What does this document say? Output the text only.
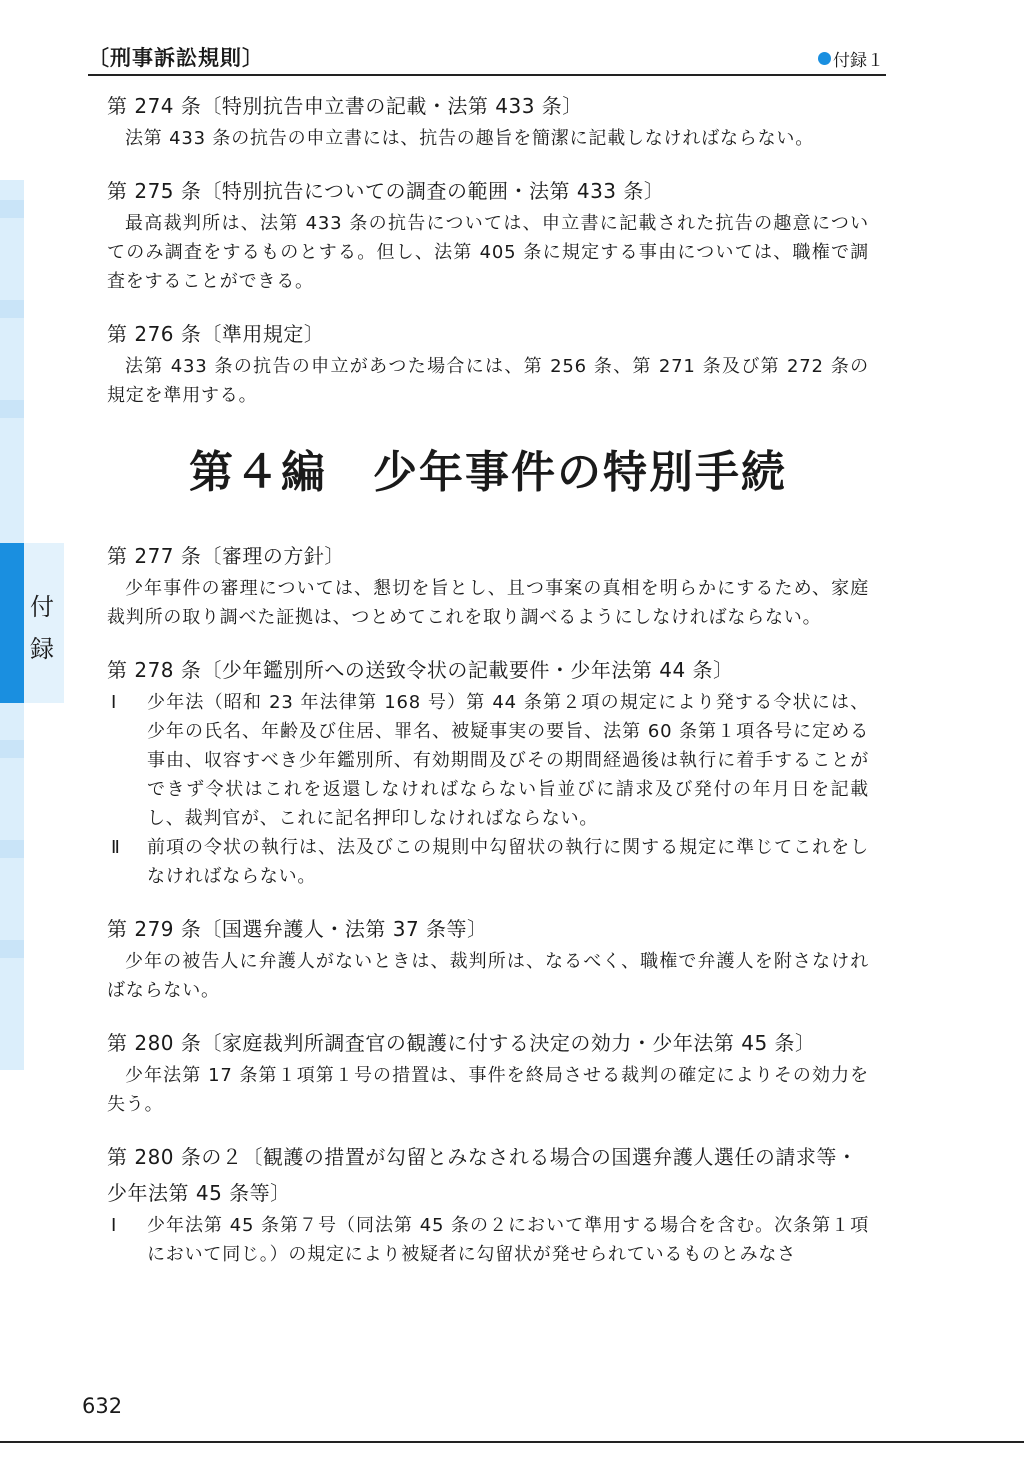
〔刑事訴訟規則〕	付録１
付
録
第 274 条〔特別抗告申立書の記載・法第 433 条〕
法第 433 条の抗告の申立書には、抗告の趣旨を簡潔に記載しなければならない。
第 275 条〔特別抗告についての調査の範囲・法第 433 条〕
最高裁判所は、法第 433 条の抗告については、申立書に記載された抗告の趣意についてのみ調査をするものとする。但し、法第 405 条に規定する事由については、職権で調査をすることができる。
第 276 条〔準用規定〕
法第 433 条の抗告の申立があつた場合には、第 256 条、第 271 条及び第 272 条の規定を準用する。
第４編　少年事件の特別手続
第 277 条〔審理の方針〕
少年事件の審理については、懇切を旨とし、且つ事案の真相を明らかにするため、家庭裁判所の取り調べた証拠は、つとめてこれを取り調べるようにしなければならない。
第 278 条〔少年鑑別所への送致令状の記載要件・少年法第 44 条〕
Ⅰ	少年法（昭和 23 年法律第 168 号）第 44 条第２項の規定により発する令状には、少年の氏名、年齢及び住居、罪名、被疑事実の要旨、法第 60 条第１項各号に定める事由、収容すべき少年鑑別所、有効期間及びその期間経過後は執行に着手することができず令状はこれを返還しなければならない旨並びに請求及び発付の年月日を記載し、裁判官が、これに記名押印しなければならない。
Ⅱ	前項の令状の執行は、法及びこの規則中勾留状の執行に関する規定に準じてこれをしなければならない。
第 279 条〔国選弁護人・法第 37 条等〕
少年の被告人に弁護人がないときは、裁判所は、なるべく、職権で弁護人を附さなければならない。
第 280 条〔家庭裁判所調査官の観護に付する決定の効力・少年法第 45 条〕
少年法第 17 条第１項第１号の措置は、事件を終局させる裁判の確定によりその効力を失う。
第 280 条の２〔観護の措置が勾留とみなされる場合の国選弁護人選任の請求等・少年法第 45 条等〕
Ⅰ	少年法第 45 条第７号（同法第 45 条の２において準用する場合を含む。次条第１項において同じ。）の規定により被疑者に勾留状が発せられているものとみなさ
632
